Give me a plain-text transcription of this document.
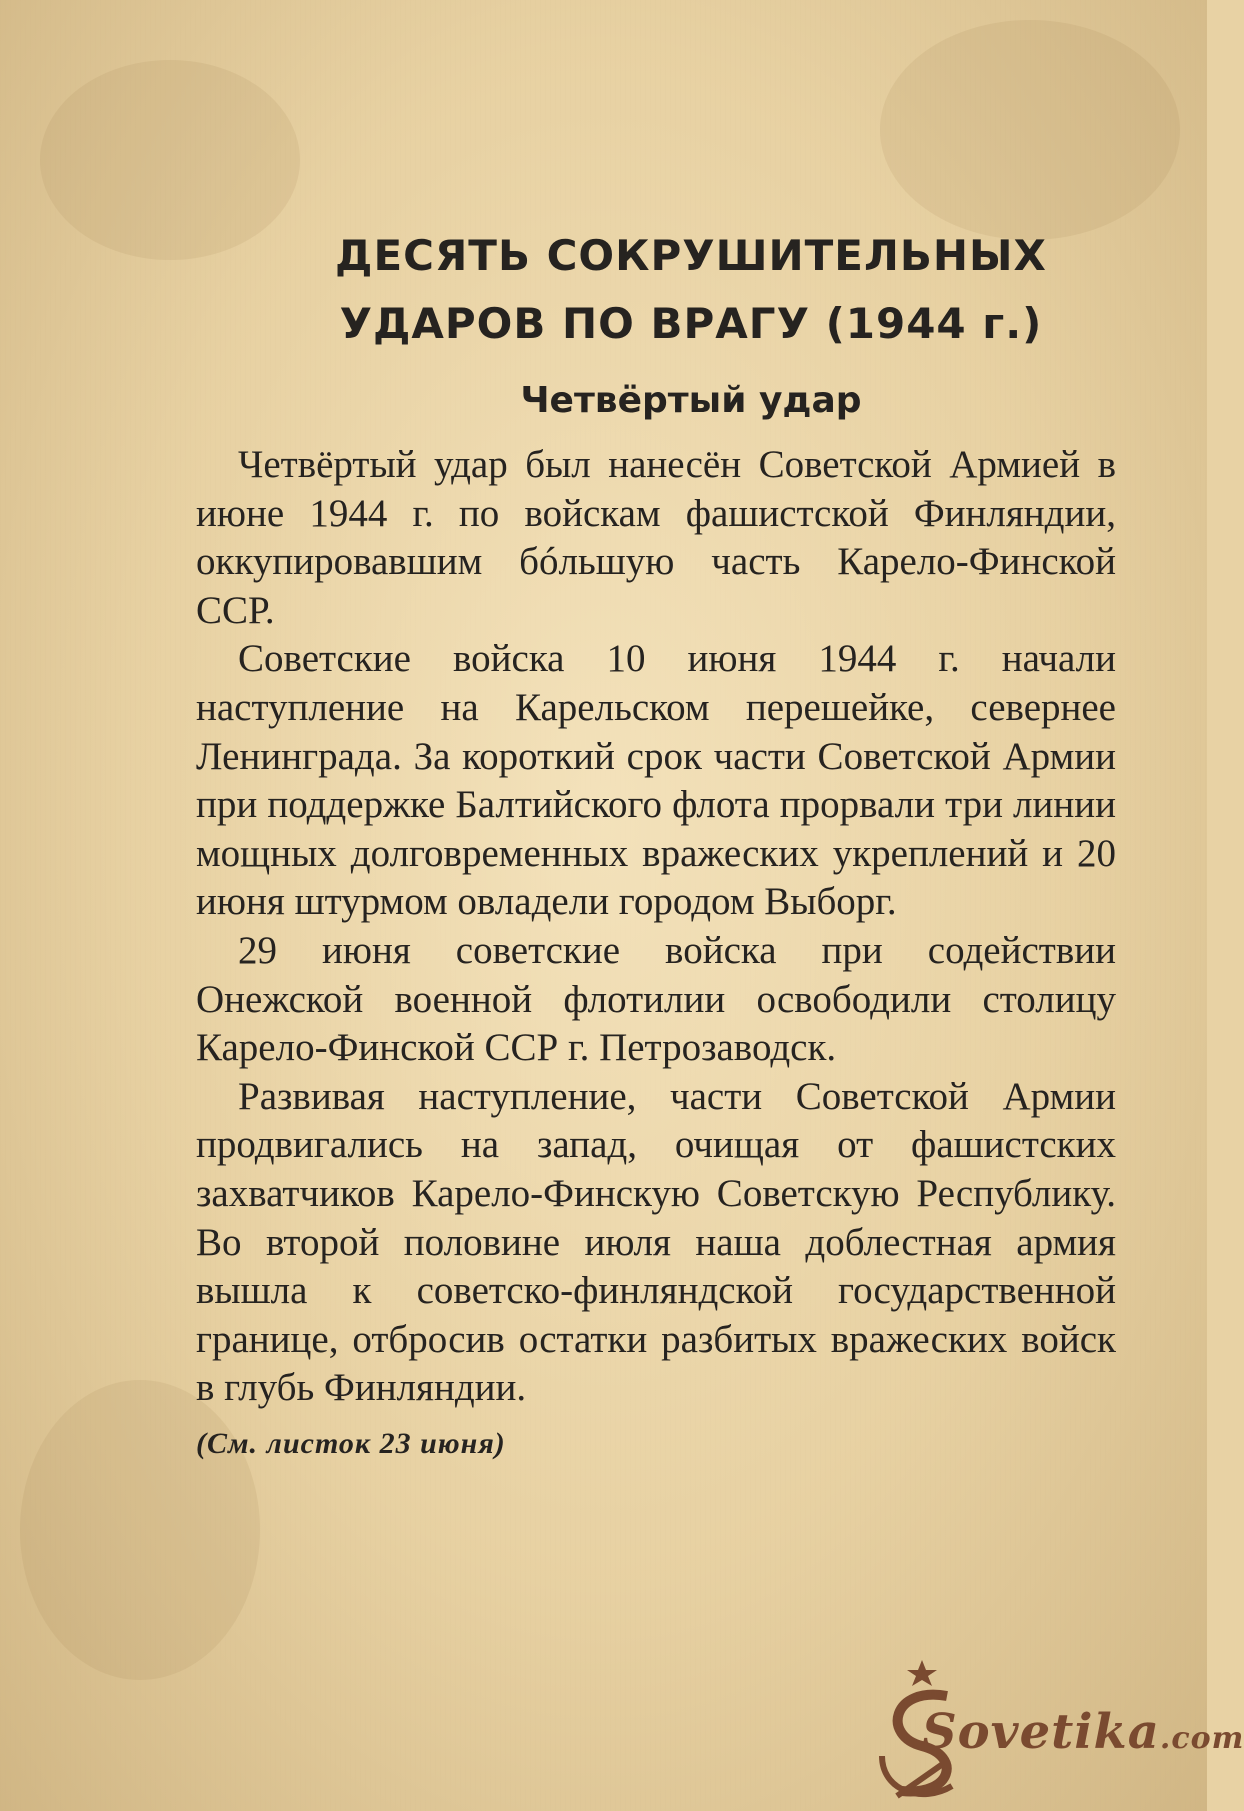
ДЕСЯТЬ СОКРУШИТЕЛЬНЫХ
УДАРОВ ПО ВРАГУ (1944 г.)
Четвёртый удар

Четвёртый удар был нанесён Советской Армией в июне 1944 г. по войскам фашистской Финляндии, оккупировавшим бóльшую часть Карело-Финской ССР.

Советские войска 10 июня 1944 г. начали наступление на Карельском перешейке, севернее Ленинграда. За короткий срок части Советской Армии при поддержке Балтийского флота прорвали три линии мощных долговременных вражеских укреплений и 20 июня штурмом овладели городом Выборг.

29 июня советские войска при содействии Онежской военной флотилии освободили столицу Карело-Финской ССР г. Петрозаводск.

Развивая наступление, части Советской Армии продвигались на запад, очищая от фашистских захватчиков Карело-Финскую Советскую Республику. Во второй половине июля наша доблестная армия вышла к советско-финляндской государственной границе, отбросив остатки разбитых вражеских войск в глубь Финляндии.

(См. листок 23 июня)
Sovetika.com
